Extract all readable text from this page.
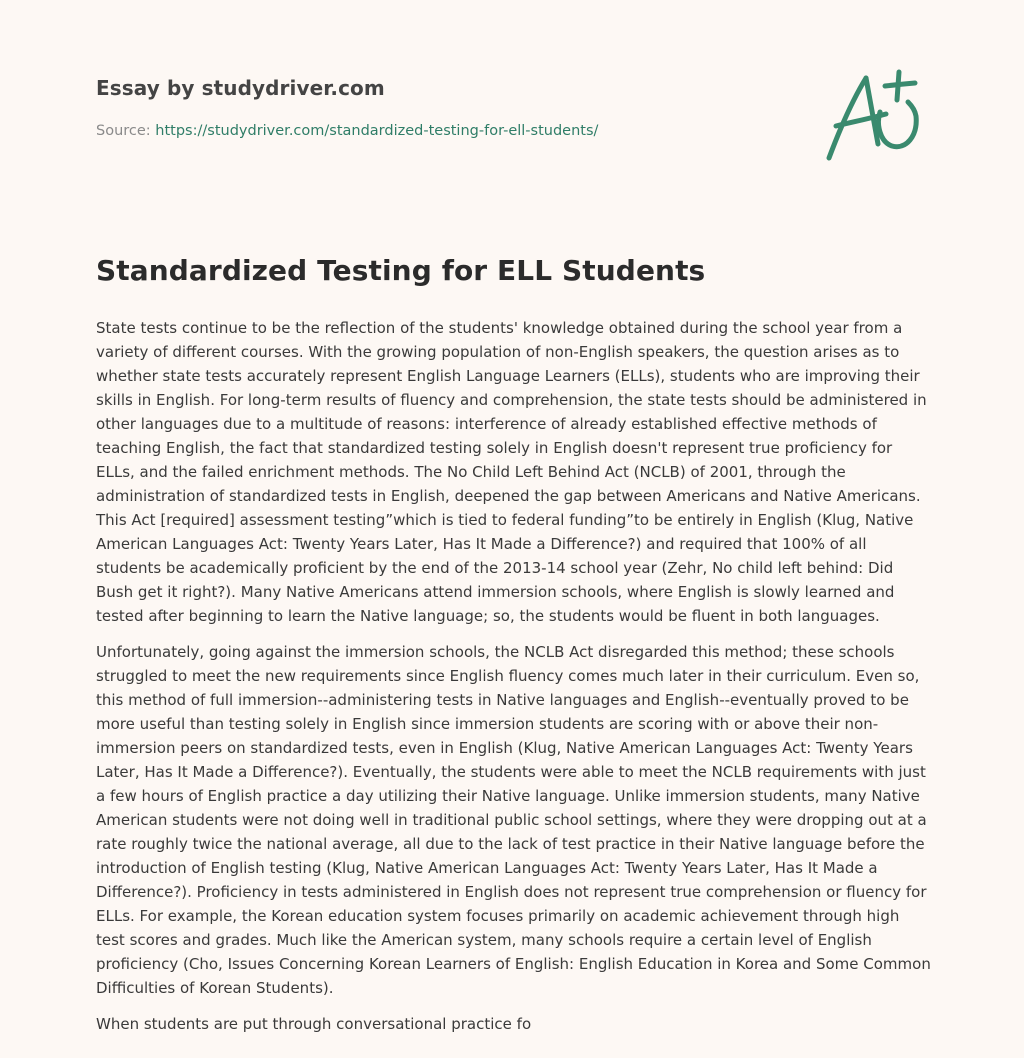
Essay by studydriver.com
Source: https://studydriver.com/standardized-testing-for-ell-students/
Standardized Testing for ELL Students

State tests continue to be the reflection of the students' knowledge obtained during the school year from a variety of different courses. With the growing population of non-English speakers, the question arises as to whether state tests accurately represent English Language Learners (ELLs), students who are improving their skills in English. For long-term results of fluency and comprehension, the state tests should be administered in other languages due to a multitude of reasons: interference of already established effective methods of teaching English, the fact that standardized testing solely in English doesn't represent true proficiency for ELLs, and the failed enrichment methods. The No Child Left Behind Act (NCLB) of 2001, through the administration of standardized tests in English, deepened the gap between Americans and Native Americans. This Act [required] assessment testing”which is tied to federal funding”to be entirely in English (Klug, Native American Languages Act: Twenty Years Later, Has It Made a Difference?) and required that 100% of all students be academically proficient by the end of the 2013-14 school year (Zehr, No child left behind: Did Bush get it right?). Many Native Americans attend immersion schools, where English is slowly learned and tested after beginning to learn the Native language; so, the students would be fluent in both languages.

Unfortunately, going against the immersion schools, the NCLB Act disregarded this method; these schools struggled to meet the new requirements since English fluency comes much later in their curriculum. Even so, this method of full immersion--administering tests in Native languages and English--eventually proved to be more useful than testing solely in English since immersion students are scoring with or above their non-immersion peers on standardized tests, even in English (Klug, Native American Languages Act: Twenty Years Later, Has It Made a Difference?). Eventually, the students were able to meet the NCLB requirements with just a few hours of English practice a day utilizing their Native language. Unlike immersion students, many Native American students were not doing well in traditional public school settings, where they were dropping out at a rate roughly twice the national average, all due to the lack of test practice in their Native language before the introduction of English testing (Klug, Native American Languages Act: Twenty Years Later, Has It Made a Difference?). Proficiency in tests administered in English does not represent true comprehension or fluency for ELLs. For example, the Korean education system focuses primarily on academic achievement through high test scores and grades. Much like the American system, many schools require a certain level of English proficiency (Cho, Issues Concerning Korean Learners of English: English Education in Korea and Some Common Difficulties of Korean Students).

When students are put through conversational practice fo
